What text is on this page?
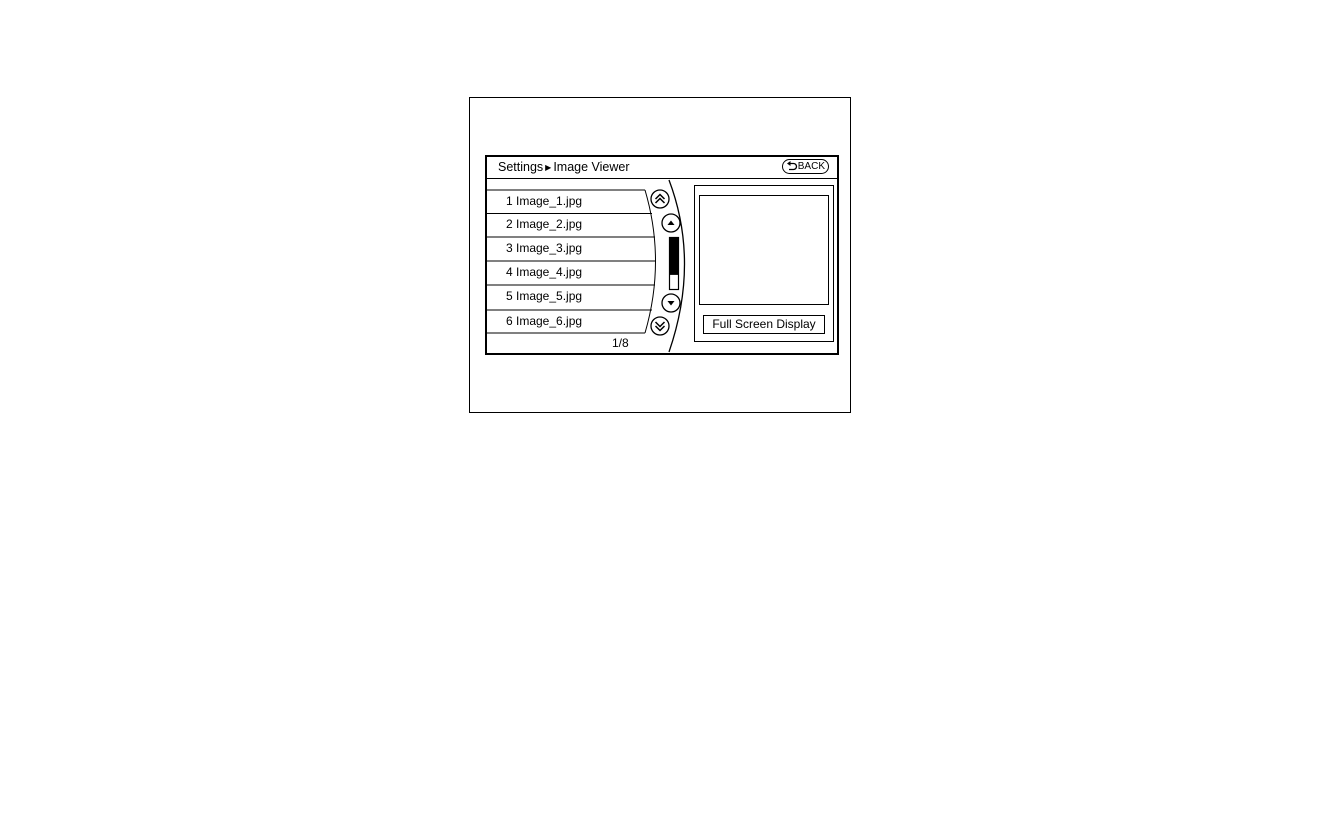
Settings ▶ Image Viewer	BACK
1 Image_1.jpg
2 Image_2.jpg
3 Image_3.jpg
4 Image_4.jpg
5 Image_5.jpg
6 Image_6.jpg
1/8
Full Screen Display
